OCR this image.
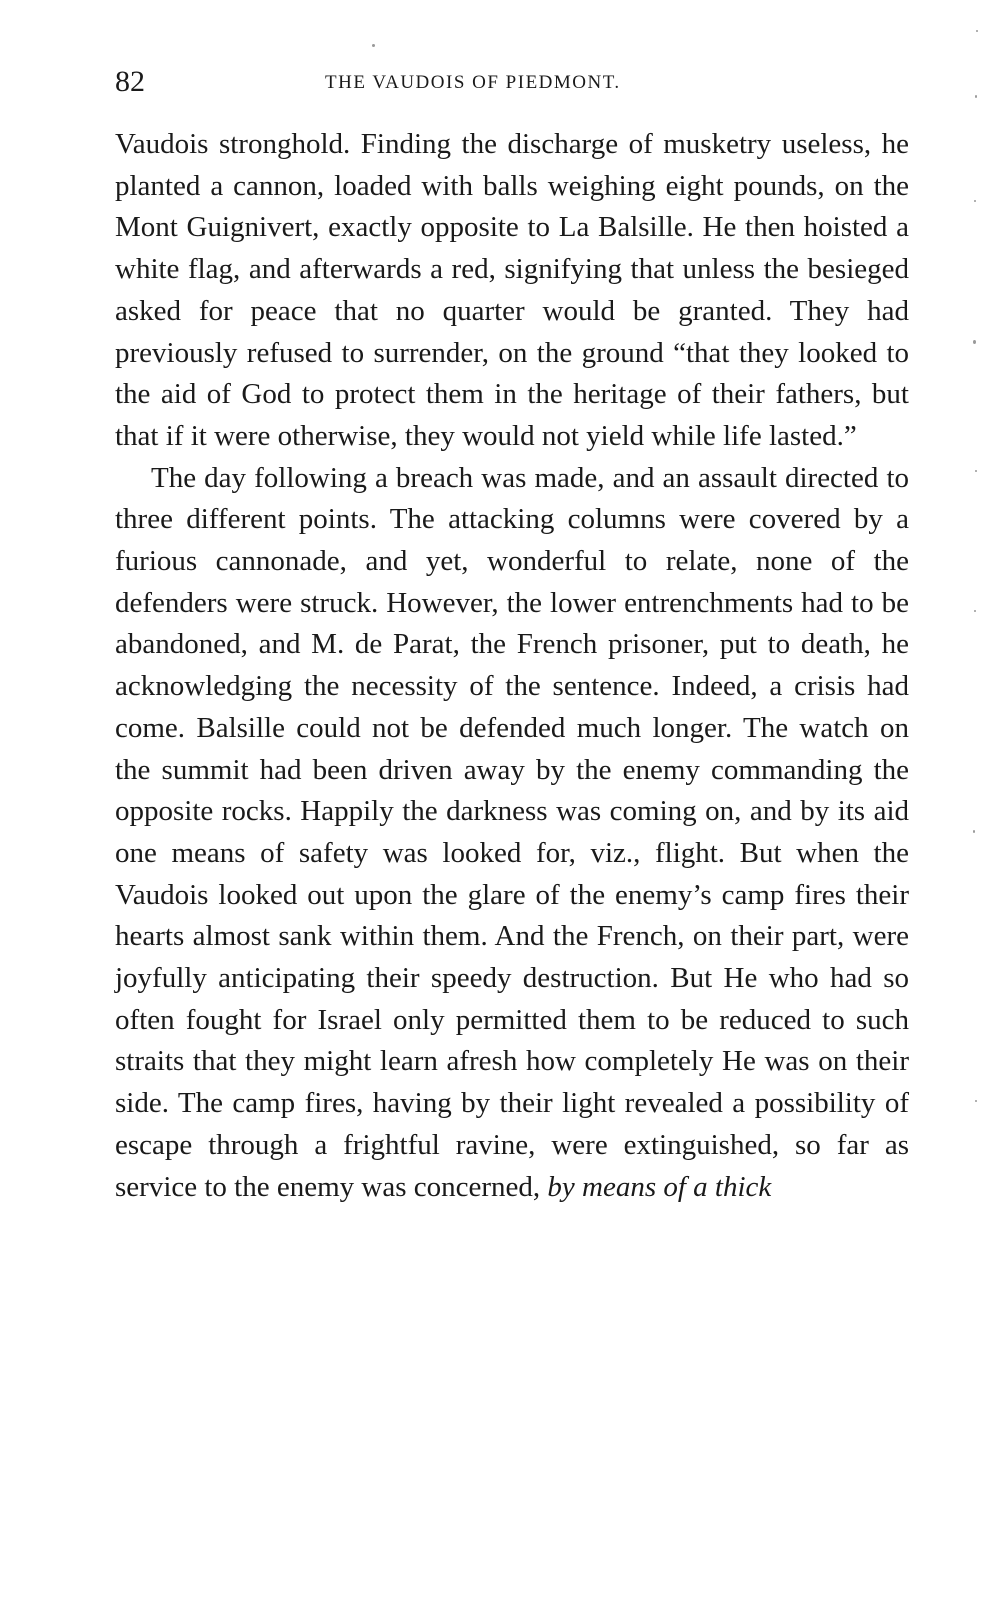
82	THE VAUDOIS OF PIEDMONT.

Vaudois stronghold. Finding the discharge of musketry useless, he planted a cannon, loaded with balls weighing eight pounds, on the Mont Guignivert, exactly opposite to La Balsille. He then hoisted a white flag, and afterwards a red, signifying that unless the besieged asked for peace that no quarter would be granted. They had previously refused to surrender, on the ground “that they looked to the aid of God to protect them in the heritage of their fathers, but that if it were otherwise, they would not yield while life lasted.”

The day following a breach was made, and an assault directed to three different points. The attacking columns were covered by a furious cannonade, and yet, wonderful to relate, none of the defenders were struck. However, the lower entrenchments had to be abandoned, and M. de Parat, the French prisoner, put to death, he acknowledging the necessity of the sentence. Indeed, a crisis had come. Balsille could not be defended much longer. The watch on the summit had been driven away by the enemy commanding the opposite rocks. Happily the darkness was coming on, and by its aid one means of safety was looked for, viz., flight. But when the Vaudois looked out upon the glare of the enemy’s camp fires their hearts almost sank within them. And the French, on their part, were joyfully anticipating their speedy destruction. But He who had so often fought for Israel only permitted them to be reduced to such straits that they might learn afresh how completely He was on their side. The camp fires, having by their light revealed a possibility of escape through a frightful ravine, were extinguished, so far as service to the enemy was concerned, by means of a thick
